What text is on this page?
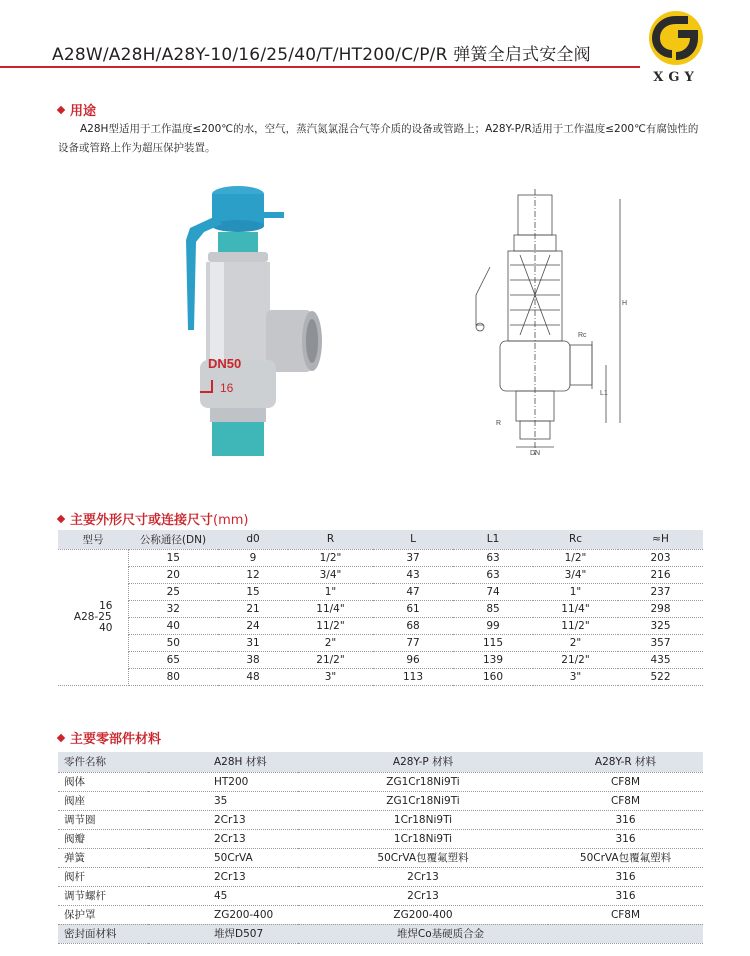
A28W/A28H/A28Y-10/16/25/40/T/HT200/C/P/R 弹簧全启式安全阀
XGY
用途
A28H型适用于工作温度≤200℃的水，空气，蒸汽氮氯混合气等介质的设备或管路上；A28Y-P/R适用于工作温度≤200℃有腐蚀性的设备或管路上作为超压保护装置。
DN50
16
Rc
R
L1
H
DN
主要外形尺寸或连接尺寸(mm)
型号	公称通径(DN)	d0	R	L	L1	Rc	≈H

16
A28-25
40	15	9	1/2"	37	63	1/2"	203
	20	12	3/4"	43	63	3/4"	216
	25	15	1"	47	74	1"	237
	32	21	11/4"	61	85	11/4"	298
	40	24	11/2"	68	99	11/2"	325
	50	31	2"	77	115	2"	357
	65	38	21/2"	96	139	21/2"	435
	80	48	3"	113	160	3"	522
主要零部件材料
零件名称	A28H 材料	A28Y-P 材料	A28Y-R 材料
阀体	HT200	ZG1Cr18Ni9Ti	CF8M
阀座	35	ZG1Cr18Ni9Ti	CF8M
调节圈	2Cr13	1Cr18Ni9Ti	316
阀瓣	2Cr13	1Cr18Ni9Ti	316
弹簧	50CrVA	50CrVA包覆氟塑料	50CrVA包覆氟塑料
阀杆	2Cr13	2Cr13	316
调节螺杆	45	2Cr13	316
保护罩	ZG200-400	ZG200-400	CF8M
密封面材料	堆焊D507	堆焊Co基硬质合金	
